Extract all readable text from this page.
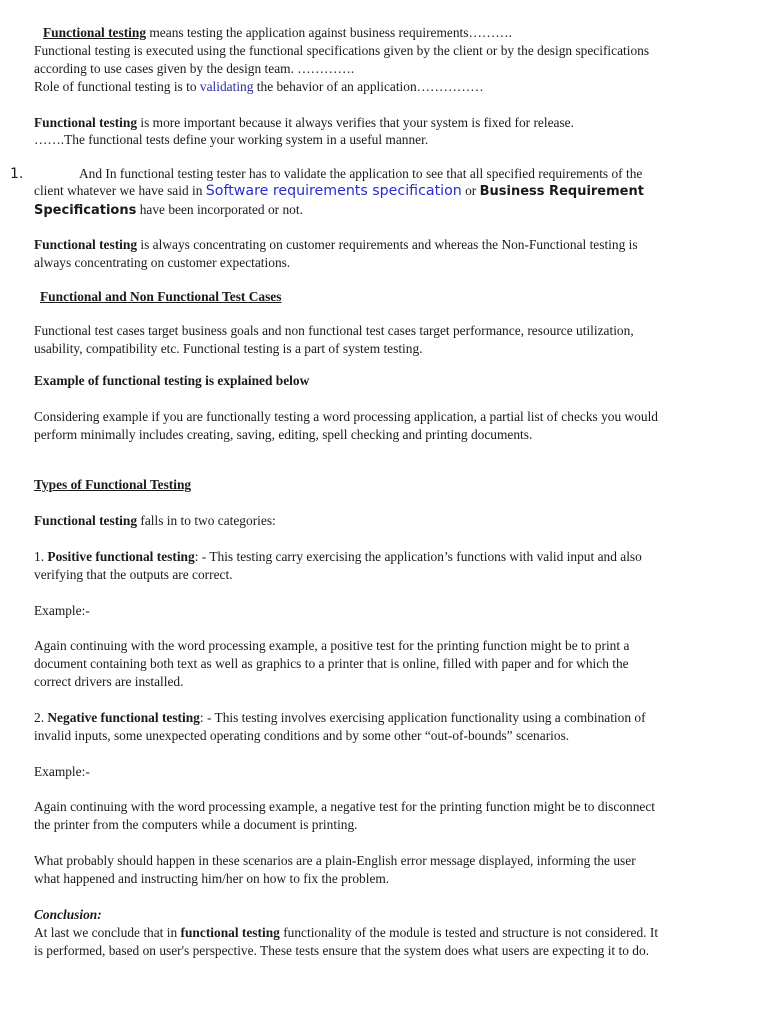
Functional testing means testing the application against business requirements……….
Functional testing is executed using the functional specifications given by the client or by the design specifications
according to use cases given by the design team. ………….
Role of functional testing is to validating the behavior of an application……………
Functional testing is more important because it always verifies that your system is fixed for release.
…….The functional tests define your working system in a useful manner.
1.	And In functional testing tester has to validate the application to see that all specified requirements of the
client whatever we have said in Software requirements specification or Business Requirement
Specifications have been incorporated or not.
Functional testing is always concentrating on customer requirements and whereas the Non-Functional testing is
always concentrating on customer expectations.
Functional and Non Functional Test Cases
Functional test cases target business goals and non functional test cases target performance, resource utilization,
usability, compatibility etc. Functional testing is a part of system testing.
Example of functional testing is explained below
Considering example if you are functionally testing a word processing application, a partial list of checks you would
perform minimally includes creating, saving, editing, spell checking and printing documents.
Types of Functional Testing
Functional testing falls in to two categories:
1. Positive functional testing: - This testing carry exercising the application’s functions with valid input and also
verifying that the outputs are correct.
Example:-
Again continuing with the word processing example, a positive test for the printing function might be to print a
document containing both text as well as graphics to a printer that is online, filled with paper and for which the
correct drivers are installed.
2. Negative functional testing: - This testing involves exercising application functionality using a combination of
invalid inputs, some unexpected operating conditions and by some other “out-of-bounds” scenarios.
Example:-
Again continuing with the word processing example, a negative test for the printing function might be to disconnect
the printer from the computers while a document is printing.
What probably should happen in these scenarios are a plain-English error message displayed, informing the user
what happened and instructing him/her on how to fix the problem.
Conclusion:
At last we conclude that in functional testing functionality of the module is tested and structure is not considered. It
is performed, based on user's perspective. These tests ensure that the system does what users are expecting it to do.
